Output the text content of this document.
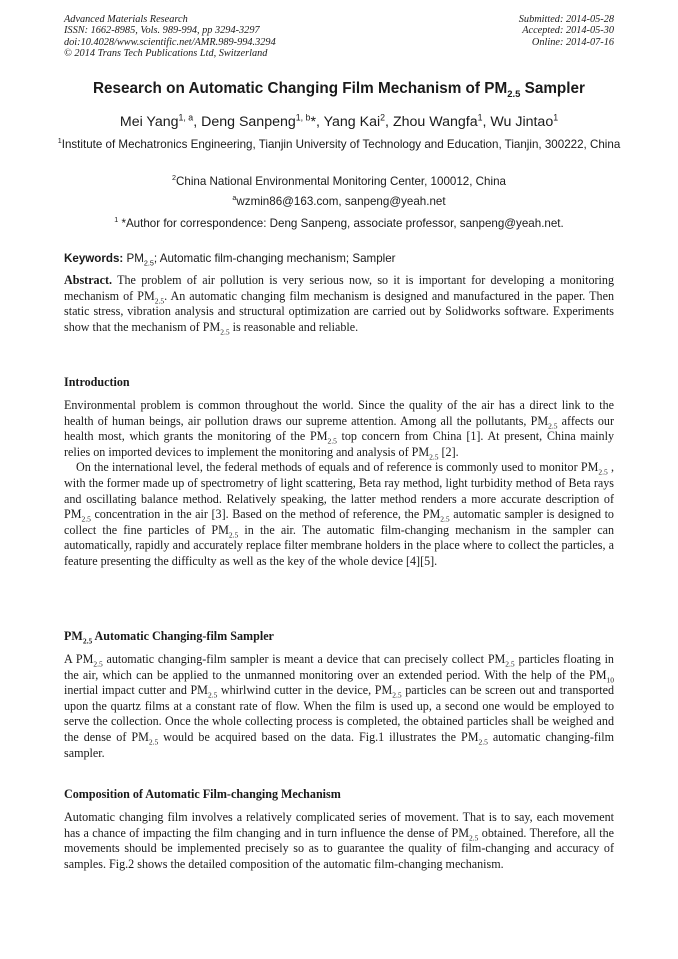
Advanced Materials Research
ISSN: 1662-8985, Vols. 989-994, pp 3294-3297
doi:10.4028/www.scientific.net/AMR.989-994.3294
© 2014 Trans Tech Publications Ltd, Switzerland
Submitted: 2014-05-28
Accepted: 2014-05-30
Online: 2014-07-16
Research on Automatic Changing Film Mechanism of $PM_{2.5}$ Sampler
Mei Yang$^{1, a}$, Deng Sanpeng$^{1, b}$*, Yang Kai$^2$, Zhou Wangfa$^1$, Wu Jintao$^1$
$^1$Institute of Mechatronics Engineering, Tianjin University of Technology and Education, Tianjin, 300222, China
$^2$China National Environmental Monitoring Center, 100012, China
$^a$wzmin86@163.com, sanpeng@yeah.net
$^1$ *Author for correspondence: Deng Sanpeng, associate professor, sanpeng@yeah.net.
Keywords: $PM_{2.5}$; Automatic film-changing mechanism; Sampler

Abstract. The problem of air pollution is very serious now, so it is important for developing a monitoring mechanism of $PM_{2.5}$. An automatic changing film mechanism is designed and manufactured in the paper. Then static stress, vibration analysis and structural optimization are carried out by Solidworks software. Experiments show that the mechanism of $PM_{2.5}$ is reasonable and reliable.

Introduction

Environmental problem is common throughout the world. Since the quality of the air has a direct link to the health of human beings, air pollution draws our supreme attention. Among all the pollutants, $PM_{2.5}$ affects our health most, which grants the monitoring of the $PM_{2.5}$ top concern from China [1]. At present, China mainly relies on imported devices to implement the monitoring and analysis of $PM_{2.5}$ [2].

On the international level, the federal methods of equals and of reference is commonly used to monitor $PM_{2.5}$ , with the former made up of spectrometry of light scattering, Beta ray method, light turbidity method of Beta rays and oscillating balance method. Relatively speaking, the latter method renders a more accurate description of $PM_{2.5}$ concentration in the air [3]. Based on the method of reference, the $PM_{2.5}$ automatic sampler is designed to collect the fine particles of $PM_{2.5}$ in the air. The automatic film-changing mechanism in the sampler can automatically, rapidly and accurately replace filter membrane holders in the place where to collect the particles, a feature presenting the difficulty as well as the key of the whole device [4][5].

$PM_{2.5}$ Automatic Changing-film Sampler

A $PM_{2.5}$ automatic changing-film sampler is meant a device that can precisely collect $PM_{2.5}$ particles floating in the air, which can be applied to the unmanned monitoring over an extended period. With the help of the $PM_{10}$ inertial impact cutter and $PM_{2.5}$ whirlwind cutter in the device, $PM_{2.5}$ particles can be screen out and transported upon the quartz films at a constant rate of flow. When the film is used up, a second one would be employed to serve the collection. Once the whole collecting process is completed, the obtained particles shall be weighed and the dense of $PM_{2.5}$ would be acquired based on the data. Fig.1 illustrates the $PM_{2.5}$ automatic changing-film sampler.

Composition of Automatic Film-changing Mechanism

Automatic changing film involves a relatively complicated series of movement. That is to say, each movement has a chance of impacting the film changing and in turn influence the dense of $PM_{2.5}$ obtained. Therefore, all the movements should be implemented precisely so as to guarantee the quality of film-changing and accuracy of samples. Fig.2 shows the detailed composition of the automatic film-changing mechanism.
